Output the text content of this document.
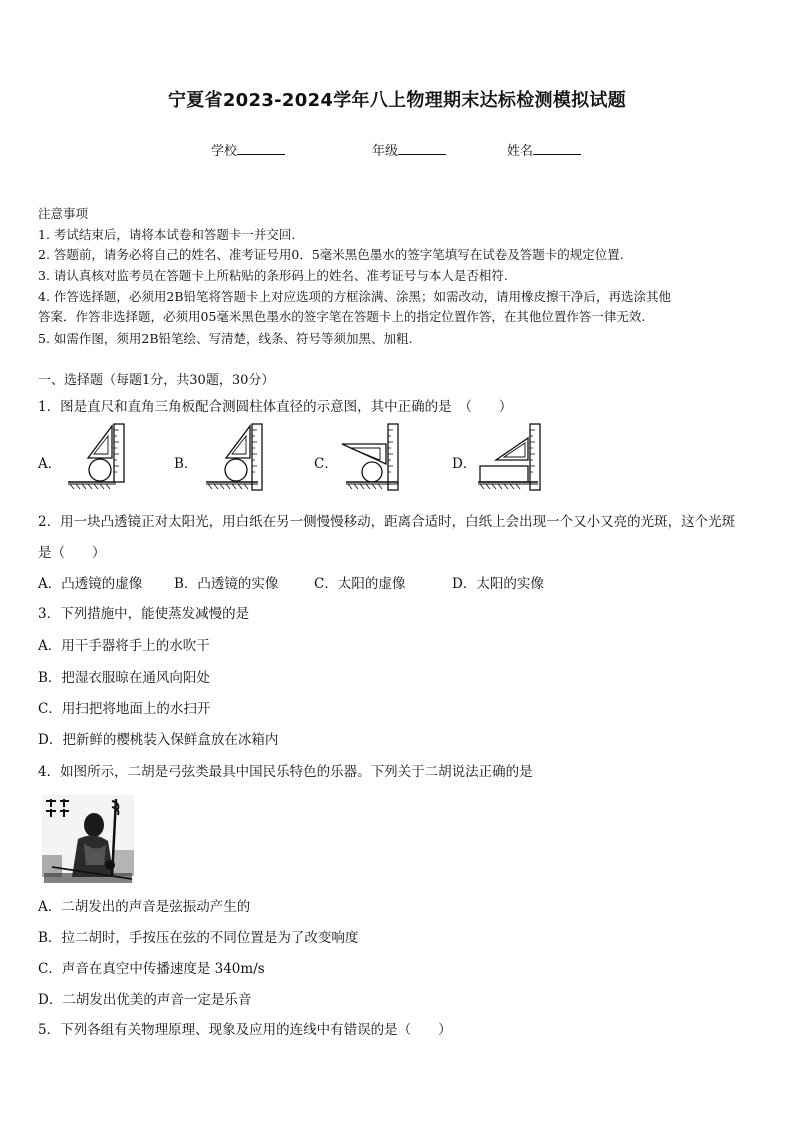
宁夏省2023-2024学年八上物理期末达标检测模拟试题
学校	年级	姓名
注意事项
1. 考试结束后，请将本试卷和答题卡一并交回.
2. 答题前，请务必将自己的姓名、准考证号用0．5毫米黑色墨水的签字笔填写在试卷及答题卡的规定位置.
3. 请认真核对监考员在答题卡上所粘贴的条形码上的姓名、准考证号与本人是否相符.
4. 作答选择题，必须用2B铅笔将答题卡上对应选项的方框涂满、涂黑；如需改动，请用橡皮擦干净后，再选涂其他
答案．作答非选择题，必须用05毫米黑色墨水的签字笔在答题卡上的指定位置作答，在其他位置作答一律无效.
5. 如需作图，须用2B铅笔绘、写清楚，线条、符号等须加黑、加粗.
一、选择题（每题1分，共30题，30分）
1．图是直尺和直角三角板配合测圆柱体直径的示意图，其中正确的是　（　　）
A．	B．	C．	D．
2．用一块凸透镜正对太阳光，用白纸在另一侧慢慢移动，距离合适时，白纸上会出现一个又小又亮的光斑，这个光斑
是（　　）
A．凸透镜的虚像 B．凸透镜的实像	C．太阳的虚像	D．太阳的实像
3．下列措施中，能使蒸发减慢的是
A．用干手器将手上的水吹干
B．把湿衣服晾在通风向阳处
C．用扫把将地面上的水扫开
D．把新鲜的樱桃装入保鲜盒放在冰箱内
4．如图所示，二胡是弓弦类最具中国民乐特色的乐器。下列关于二胡说法正确的是
A．二胡发出的声音是弦振动产生的
B．拉二胡时，手按压在弦的不同位置是为了改变响度
C．声音在真空中传播速度是 340m/s
D．二胡发出优美的声音一定是乐音
5．下列各组有关物理原理、现象及应用的连线中有错误的是（　　）
